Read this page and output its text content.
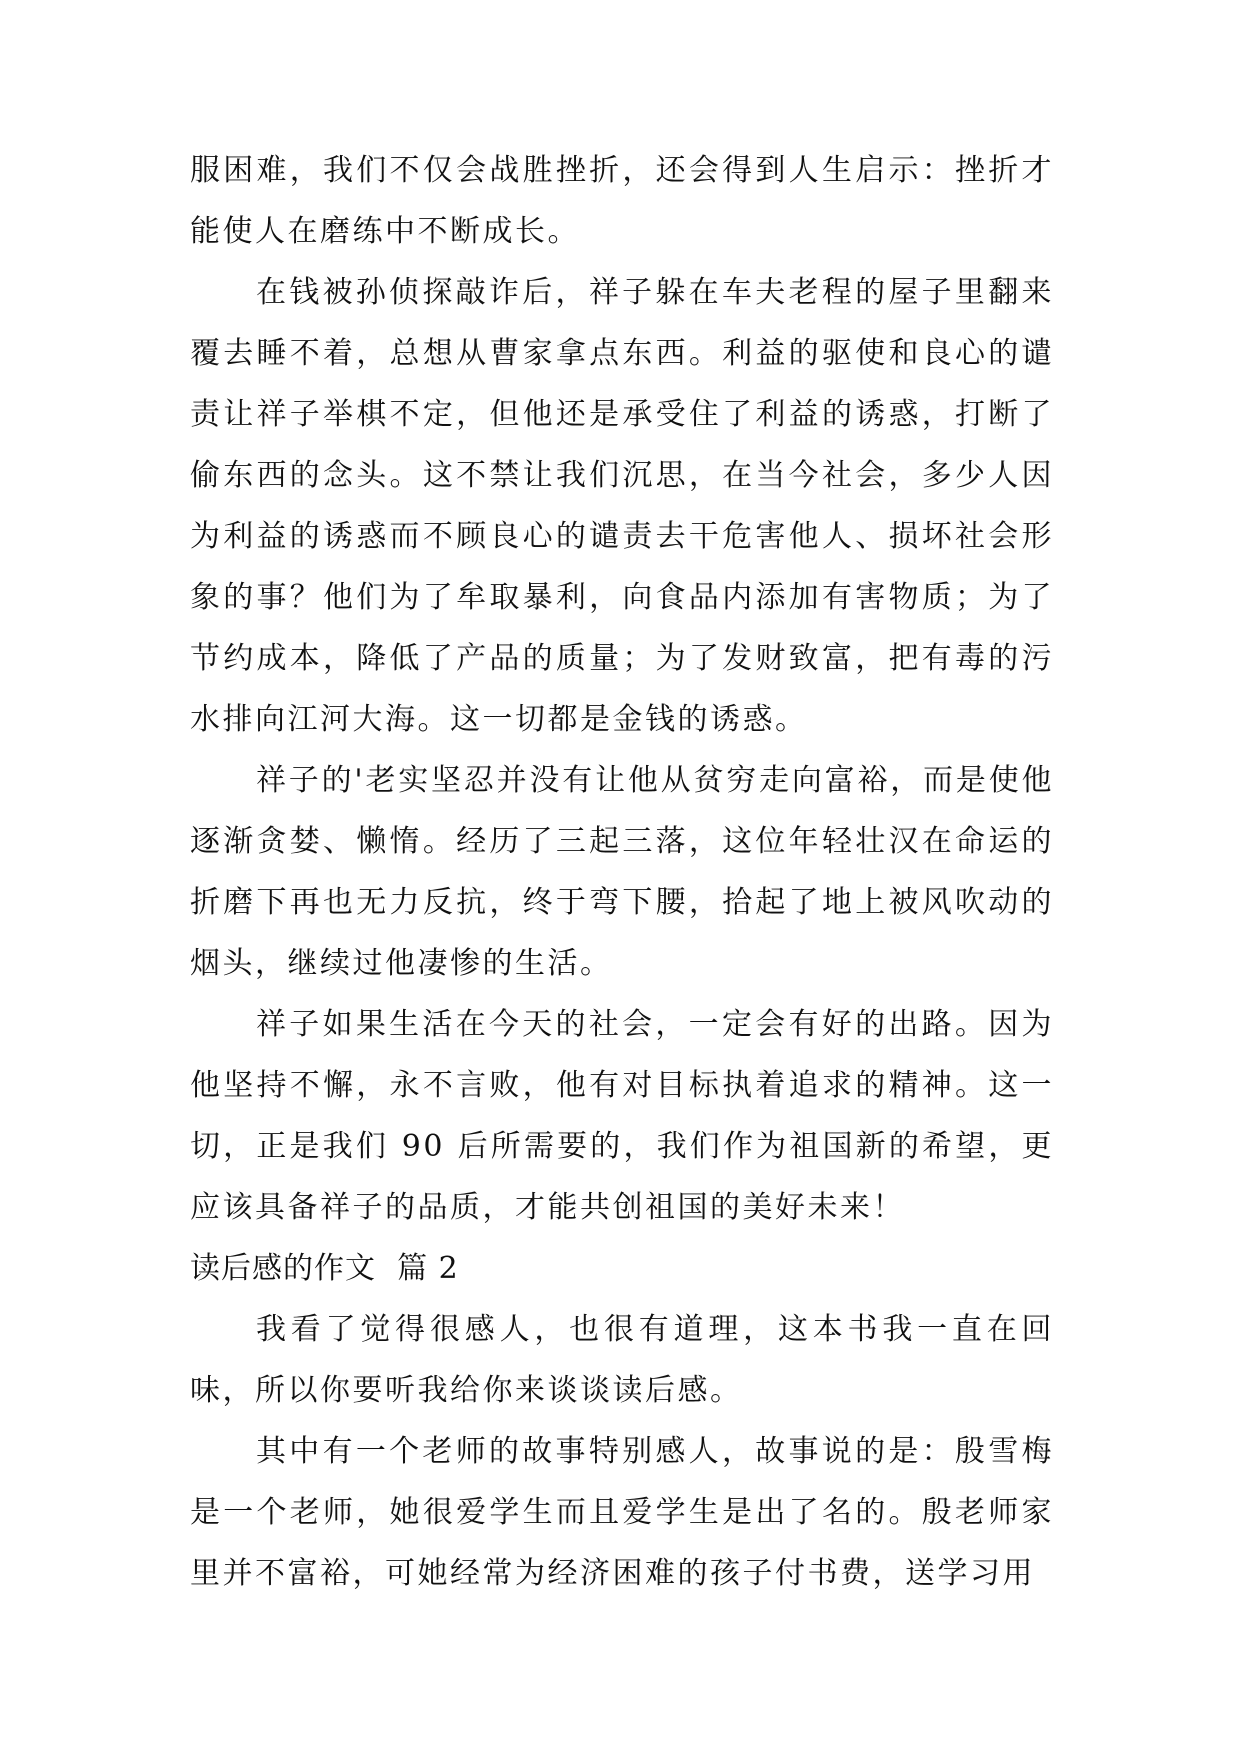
服困难，我们不仅会战胜挫折，还会得到人生启示：挫折才能使人在磨练中不断成长。

在钱被孙侦探敲诈后，祥子躲在车夫老程的屋子里翻来覆去睡不着，总想从曹家拿点东西。利益的驱使和良心的谴责让祥子举棋不定，但他还是承受住了利益的诱惑，打断了偷东西的念头。这不禁让我们沉思，在当今社会，多少人因为利益的诱惑而不顾良心的谴责去干危害他人、损坏社会形象的事？他们为了牟取暴利，向食品内添加有害物质；为了节约成本，降低了产品的质量；为了发财致富，把有毒的污水排向江河大海。这一切都是金钱的诱惑。

祥子的'老实坚忍并没有让他从贫穷走向富裕，而是使他逐渐贪婪、懒惰。经历了三起三落，这位年轻壮汉在命运的折磨下再也无力反抗，终于弯下腰，拾起了地上被风吹动的烟头，继续过他凄惨的生活。

祥子如果生活在今天的社会，一定会有好的出路。因为他坚持不懈，永不言败，他有对目标执着追求的精神。这一切，正是我们 90 后所需要的，我们作为祖国新的希望，更应该具备祥子的品质，才能共创祖国的美好未来！

读后感的作文  篇 2

我看了觉得很感人，也很有道理，这本书我一直在回味，所以你要听我给你来谈谈读后感。

其中有一个老师的故事特别感人，故事说的是：殷雪梅是一个老师，她很爱学生而且爱学生是出了名的。殷老师家里并不富裕，可她经常为经济困难的孩子付书费，送学习用
